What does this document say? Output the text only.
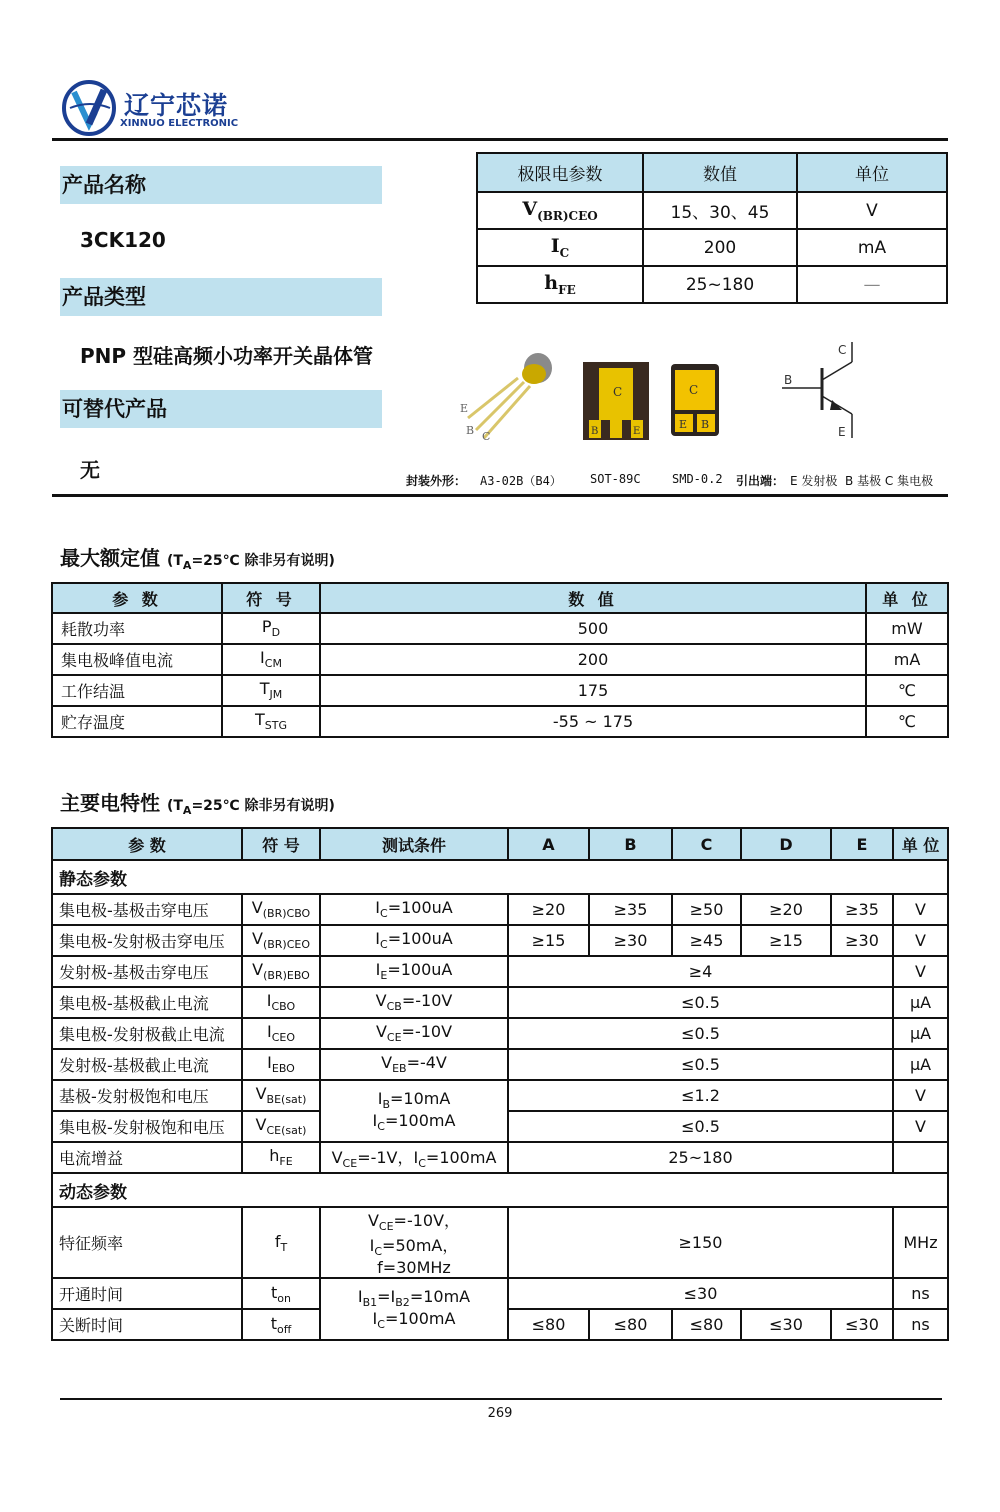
辽宁芯诺
XINNUO ELECTRONIC
产品名称
3CK120
产品类型
PNP 型硅高频小功率开关晶体管
可替代产品
无
极限电参数	数值	单位
$V_{(BR)CEO}$	15、30、45	V
$I_C$	200	mA
$h_{FE}$	25~180	—
E
B C
C
B	E
C
E B
C
B
E
封装外形： A3-02B（B4） SOT-89C	SMD-0.2 引出端： E 发射极  B 基极 C 集电极
最大额定值 ($T_A=25℃$ 除非另有说明)
参 数	符 号	数 值	单 位
耗散功率	$P_D$	500	mW
集电极峰值电流	$I_{CM}$	200	mA
工作结温	$T_{JM}$	175	℃
贮存温度	$T_{STG}$	-55 ~ 175	℃
主要电特性 ($T_A=25℃$ 除非另有说明)
参 数	符 号	测试条件	A	B	C	D	E	单 位
静态参数								
集电极-基极击穿电压	$V_{(BR)CBO}$	$I_C=100uA$	≥20	≥35	≥50	≥20	≥35	V
集电极-发射极击穿电压	$V_{(BR)CEO}$	$I_C=100uA$	≥15	≥30	≥45	≥15	≥30	V
发射极-基极击穿电压	$V_{(BR)EBO}$	$I_E=100uA$	≥4					V
集电极-基极截止电流	$I_{CBO}$	$V_{CB}=-10V$	≤0.5					μA
集电极-发射极截止电流	$I_{CEO}$	$V_{CE}=-10V$	≤0.5					μA
发射极-基极截止电流	$I_{EBO}$	$V_{EB}=-4V$	≤0.5					μA
基极-发射极饱和电压	$V_{BE(sat)}$	$I_B=10mA$
$I_C=100mA$	≤1.2					V
集电极-发射极饱和电压	$V_{CE(sat)}$		≤0.5					V
电流增益	$h_{FE}$	$V_{CE}=-1V$，$I_C=100mA$	25~180					
动态参数								
特征频率	$f_T$	$V_{CE}=-10V$，$I_C=50mA$，
f=30MHz	≥150					MHz
开通时间	$t_{on}$	$I_{B1}=I_{B2}=10mA$
$I_C=100mA$	≤30					ns
关断时间	$t_{off}$		≤80	≤80	≤80	≤30	≤30	ns
269
